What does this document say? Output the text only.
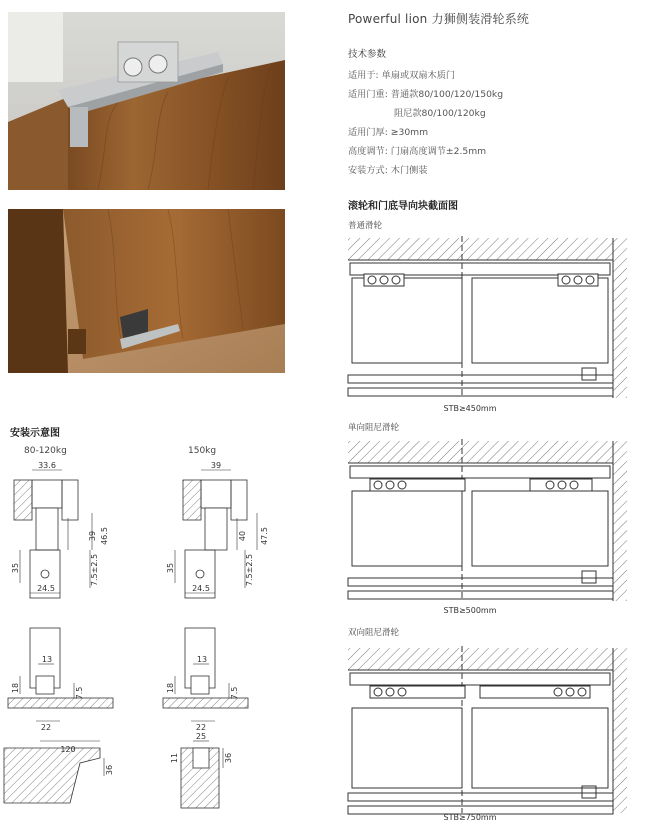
Powerful lion 力狮侧装滑轮系统
技术参数
适用于: 单扇或双扇木质门
适用门重: 普通款80/100/120/150kg
阻尼款80/100/120kg
适用门厚: ≥30mm
高度调节: 门扇高度调节±2.5mm
安装方式: 木门侧装
滚轮和门底导向块截面图
普通滑轮
单向阻尼滑轮
双向阻尼滑轮
STB≥450mm
STB≥500mm
STB≥750mm
安装示意图
80-120kg	150kg
33.6
39 46.5
35	7.5±2.5
24.5
13
18	7.5
22
120
36
39
40 47.5
35	7.5±2.5
24.5
13
18	7.5
22
25
36
11
